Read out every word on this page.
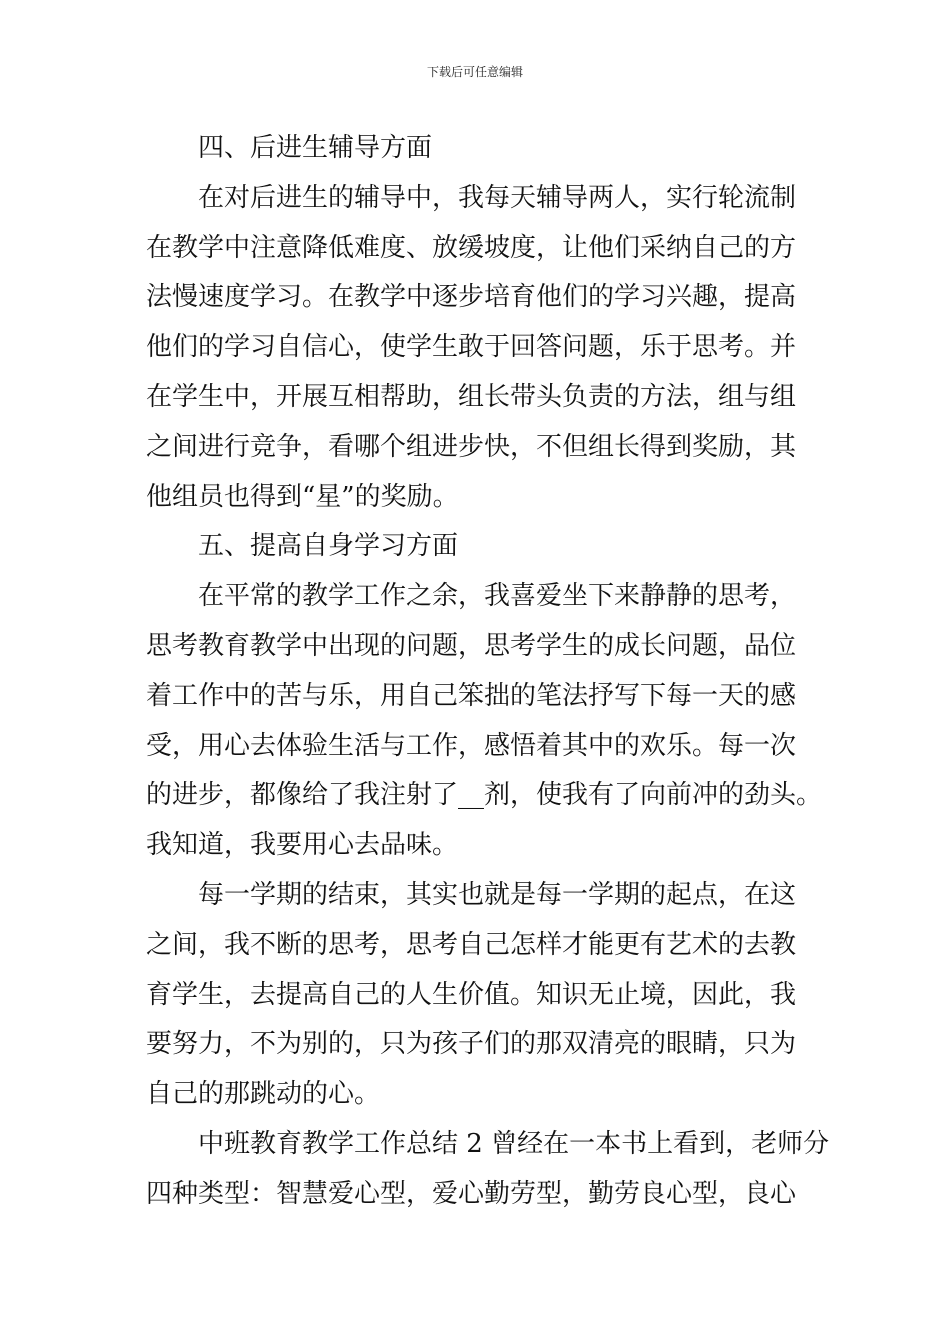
下载后可任意编辑
四、后进生辅导方面
在对后进生的辅导中，我每天辅导两人，实行轮流制
在教学中注意降低难度、放缓坡度，让他们采纳自己的方
法慢速度学习。在教学中逐步培育他们的学习兴趣，提高
他们的学习自信心，使学生敢于回答问题，乐于思考。并
在学生中，开展互相帮助，组长带头负责的方法，组与组
之间进行竞争，看哪个组进步快，不但组长得到奖励，其
他组员也得到“星”的奖励。
五、提高自身学习方面
在平常的教学工作之余，我喜爱坐下来静静的思考，
思考教育教学中出现的问题，思考学生的成长问题，品位
着工作中的苦与乐，用自己笨拙的笔法抒写下每一天的感
受，用心去体验生活与工作，感悟着其中的欢乐。每一次
的进步，都像给了我注射了__剂，使我有了向前冲的劲头。
我知道，我要用心去品味。
每一学期的结束，其实也就是每一学期的起点，在这
之间，我不断的思考，思考自己怎样才能更有艺术的去教
育学生，去提高自己的人生价值。知识无止境，因此，我
要努力，不为别的，只为孩子们的那双清亮的眼睛，只为
自己的那跳动的心。
中班教育教学工作总结 2 曾经在一本书上看到，老师分
四种类型：智慧爱心型，爱心勤劳型，勤劳良心型，良心
